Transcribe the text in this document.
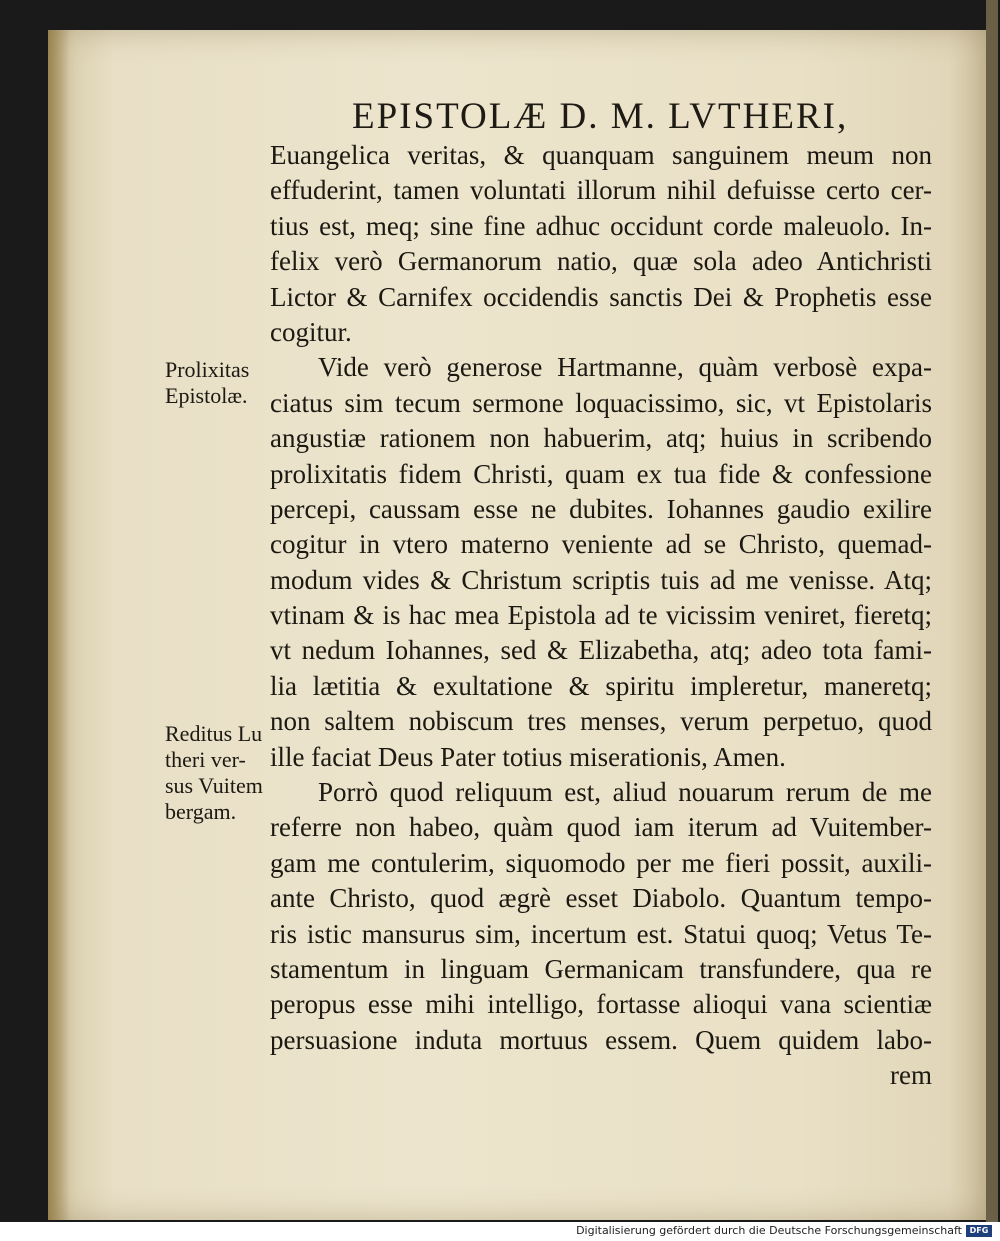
EPISTOLÆ D. M. LVTHERI,
Euangelica veritas, & quanquam sanguinem meum non
effuderint, tamen voluntati illorum nihil defuisse certo cer-
tius est, meq; sine fine adhuc occidunt corde maleuolo. In-
felix verò Germanorum natio, quæ sola adeo Antichristi
Lictor & Carnifex occidendis sanctis Dei & Prophetis esse
cogitur.
Vide verò generose Hartmanne, quàm verbosè expa-
ciatus sim tecum sermone loquacissimo, sic, vt Epistolaris
angustiæ rationem non habuerim, atq; huius in scribendo
prolixitatis fidem Christi, quam ex tua fide & confessione
percepi, caussam esse ne dubites. Iohannes gaudio exilire
cogitur in vtero materno veniente ad se Christo, quemad-
modum vides & Christum scriptis tuis ad me venisse. Atq;
vtinam & is hac mea Epistola ad te vicissim veniret, fieretq;
vt nedum Iohannes, sed & Elizabetha, atq; adeo tota fami-
lia lætitia & exultatione & spiritu impleretur, maneretq;
non saltem nobiscum tres menses, verum perpetuo, quod
ille faciat Deus Pater totius miserationis, Amen.
Porrò quod reliquum est, aliud nouarum rerum de me
referre non habeo, quàm quod iam iterum ad Vuitember-
gam me contulerim, siquomodo per me fieri possit, auxili-
ante Christo, quod ægrè esset Diabolo. Quantum tempo-
ris istic mansurus sim, incertum est. Statui quoq; Vetus Te-
stamentum in linguam Germanicam transfundere, qua re
peropus esse mihi intelligo, fortasse alioqui vana scientiæ
persuasione induta mortuus essem. Quem quidem labo-
rem
Prolixitas
Epistolæ.
Reditus Lu
theri ver-
sus Vuitem
bergam.
Digitalisierung gefördert durch die Deutsche Forschungsgemeinschaft DFG
